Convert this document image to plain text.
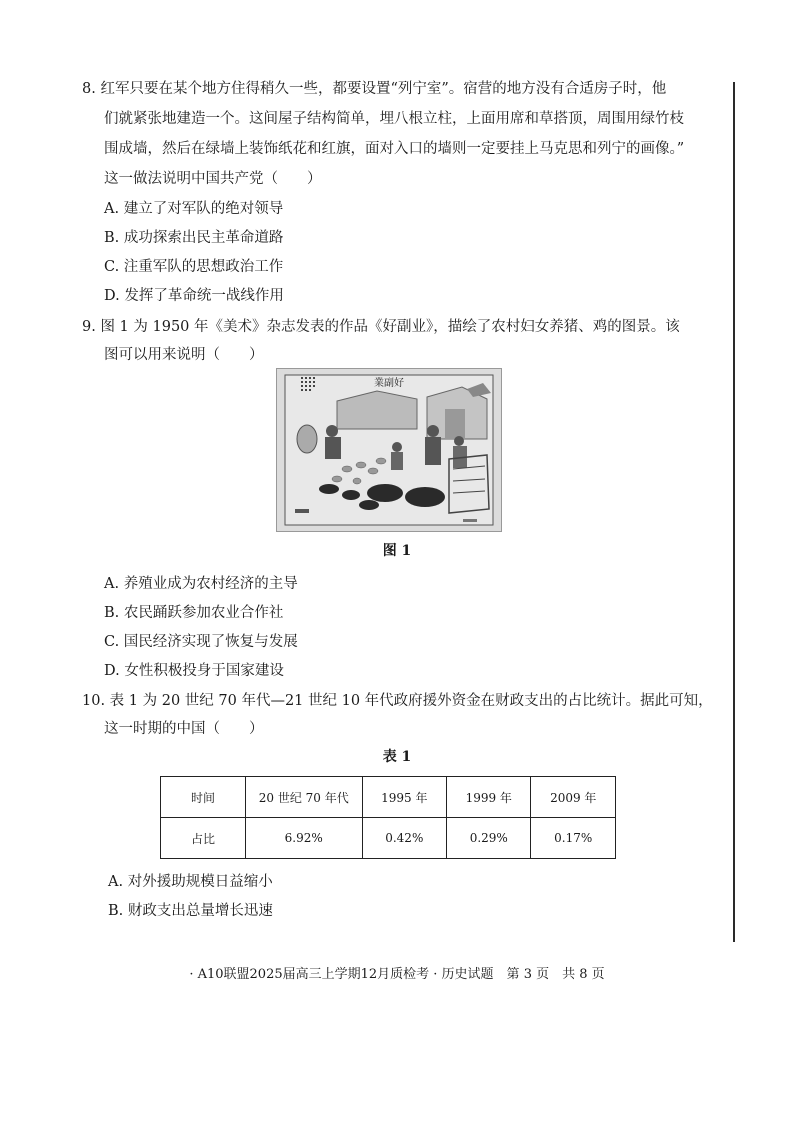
8. 红军只要在某个地方住得稍久一些，都要设置“列宁室”。宿营的地方没有合适房子时，他
们就紧张地建造一个。这间屋子结构简单，埋八根立柱，上面用席和草搭顶，周围用绿竹枝
围成墙，然后在绿墙上装饰纸花和红旗，面对入口的墙则一定要挂上马克思和列宁的画像。”
这一做法说明中国共产党（　　）
A. 建立了对军队的绝对领导
B. 成功探索出民主革命道路
C. 注重军队的思想政治工作
D. 发挥了革命统一战线作用
9. 图 1 为 1950 年《美术》杂志发表的作品《好副业》，描绘了农村妇女养猪、鸡的图景。该
图可以用来说明（　　）
業副好
图 1
A. 养殖业成为农村经济的主导
B. 农民踊跃参加农业合作社
C. 国民经济实现了恢复与发展
D. 女性积极投身于国家建设
10. 表 1 为 20 世纪 70 年代—21 世纪 10 年代政府援外资金在财政支出的占比统计。据此可知，
这一时期的中国（　　）
表 1
时间	20 世纪 70 年代	1995 年	1999 年	2009 年
占比	6.92%	0.42%	0.29%	0.17%
A. 对外援助规模日益缩小
B. 财政支出总量增长迅速
· A10联盟2025届高三上学期12月质检考 · 历史试题　第 3 页　共 8 页
